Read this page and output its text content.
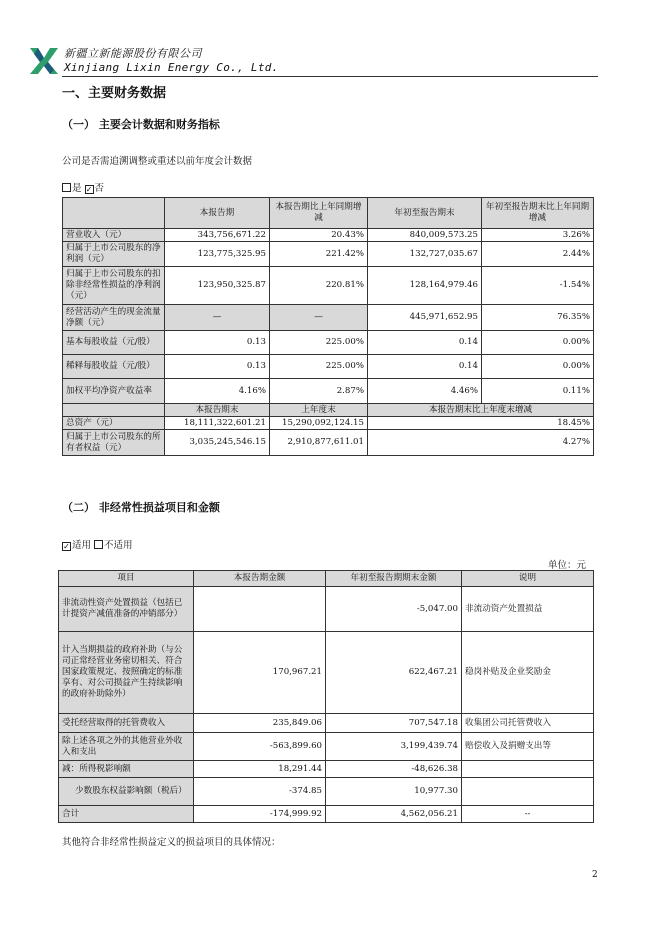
新疆立新能源股份有限公司
Xinjiang Lixin Energy Co., Ltd.
一、主要财务数据
（一） 主要会计数据和财务指标
公司是否需追溯调整或重述以前年度会计数据
是 ✓ 否
	本报告期	本报告期比上年同期增减	年初至报告期末	年初至报告期末比上年同期增减
营业收入（元）	343,756,671.22	20.43%	840,009,573.25	3.26%
归属于上市公司股东的净利润（元）	123,775,325.95	221.42%	132,727,035.67	2.44%
归属于上市公司股东的扣除非经常性损益的净利润（元）	123,950,325.87	220.81%	128,164,979.46	-1.54%
经营活动产生的现金流量净额（元）	—	—	445,971,652.95	76.35%
基本每股收益（元/股）	0.13	225.00%	0.14	0.00%
稀释每股收益（元/股）	0.13	225.00%	0.14	0.00%
加权平均净资产收益率	4.16%	2.87%	4.46%	0.11%
	本报告期末	上年度末	本报告期末比上年度末增减	
总资产（元）	18,111,322,601.21	15,290,092,124.15	18.45%	
归属于上市公司股东的所有者权益（元）	3,035,245,546.15	2,910,877,611.01	4.27%	
（二） 非经常性损益项目和金额
✓ 适用 不适用
单位：元
项目	本报告期金额	年初至报告期期末金额	说明
非流动性资产处置损益（包括已计提资产减值准备的冲销部分）		-5,047.00	非流动资产处置损益
计入当期损益的政府补助（与公司正常经营业务密切相关、符合国家政策规定、按照确定的标准享有、对公司损益产生持续影响的政府补助除外）	170,967.21	622,467.21	稳岗补贴及企业奖励金
受托经营取得的托管费收入	235,849.06	707,547.18	收集团公司托管费收入
除上述各项之外的其他营业外收入和支出	-563,899.60	3,199,439.74	赔偿收入及捐赠支出等
减：所得税影响额	18,291.44	-48,626.38	
少数股东权益影响额（税后）	-374.85	10,977.30	
合计	-174,999.92	4,562,056.21	--
其他符合非经常性损益定义的损益项目的具体情况：
2
